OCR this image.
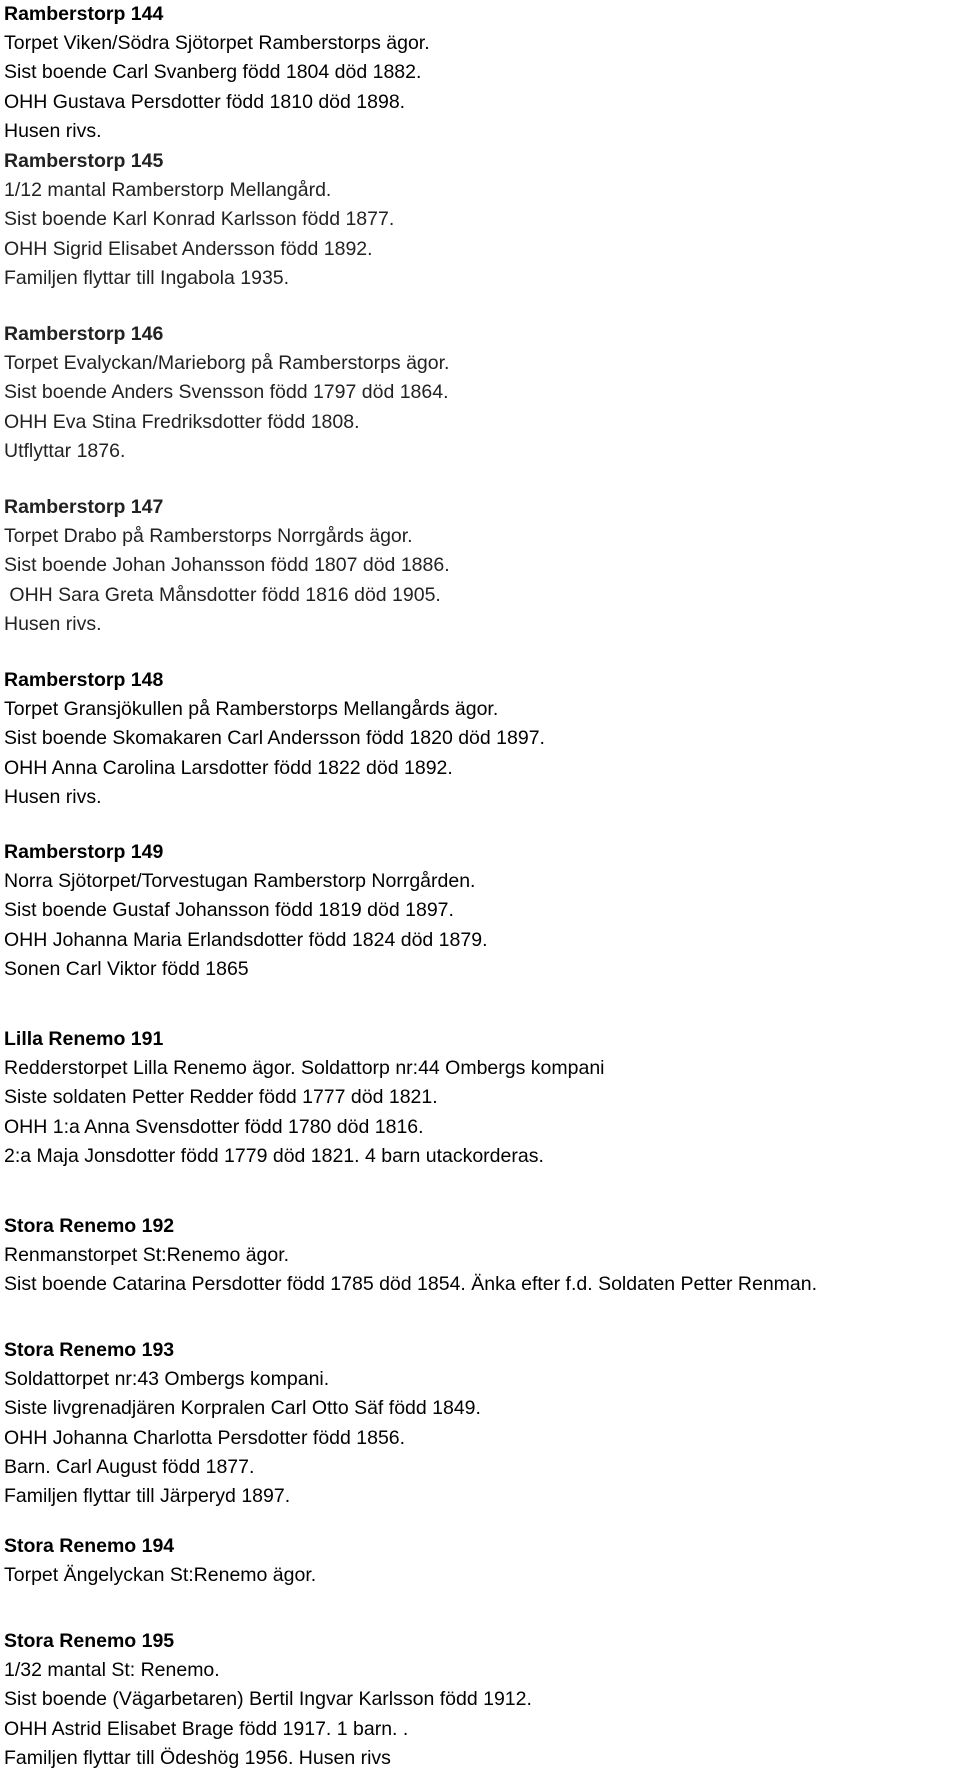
Ramberstorp 144
Torpet Viken/Södra Sjötorpet Ramberstorps ägor.
Sist boende Carl Svanberg född 1804 död 1882.
OHH Gustava Persdotter född 1810 död 1898.
Husen rivs.
Ramberstorp 145
1/12 mantal Ramberstorp Mellangård.
Sist boende Karl Konrad Karlsson född 1877.
OHH Sigrid Elisabet Andersson född 1892.
Familjen flyttar till Ingabola 1935.
Ramberstorp 146
Torpet Evalyckan/Marieborg på Ramberstorps ägor.
Sist boende Anders Svensson född 1797 död 1864.
OHH Eva Stina Fredriksdotter född 1808.
Utflyttar 1876.
Ramberstorp 147
Torpet Drabo på Ramberstorps Norrgårds ägor.
Sist boende Johan Johansson född 1807 död 1886.
OHH Sara Greta Månsdotter född 1816 död 1905.
Husen rivs.
Ramberstorp 148
Torpet Gransjökullen på Ramberstorps Mellangårds ägor.
Sist boende Skomakaren Carl Andersson född 1820 död 1897.
OHH Anna Carolina Larsdotter född 1822 död 1892.
Husen rivs.
Ramberstorp 149
Norra Sjötorpet/Torvestugan Ramberstorp Norrgården.
Sist boende Gustaf Johansson född 1819 död 1897.
OHH Johanna Maria Erlandsdotter född 1824 död 1879.
Sonen Carl Viktor född 1865
Lilla Renemo 191
Redderstorpet Lilla Renemo ägor. Soldattorp nr:44 Ombergs kompani
Siste soldaten Petter Redder född 1777 död 1821.
OHH 1:a Anna Svensdotter född 1780 död 1816.
2:a Maja Jonsdotter född 1779 död 1821. 4 barn utackorderas.
Stora Renemo 192
Renmanstorpet St:Renemo ägor.
Sist boende Catarina Persdotter född 1785 död 1854. Änka efter f.d. Soldaten Petter Renman.
Stora Renemo 193
Soldattorpet nr:43 Ombergs kompani.
Siste livgrenadjären Korpralen Carl Otto Säf född 1849.
OHH Johanna Charlotta Persdotter född 1856.
Barn. Carl August född 1877.
Familjen flyttar till Järperyd 1897.
Stora Renemo 194
Torpet Ängelyckan St:Renemo ägor.
Stora Renemo 195
1/32 mantal St: Renemo.
Sist boende (Vägarbetaren) Bertil Ingvar Karlsson född 1912.
OHH Astrid Elisabet Brage född 1917. 1 barn. .
Familjen flyttar till Ödeshög 1956. Husen rivs
